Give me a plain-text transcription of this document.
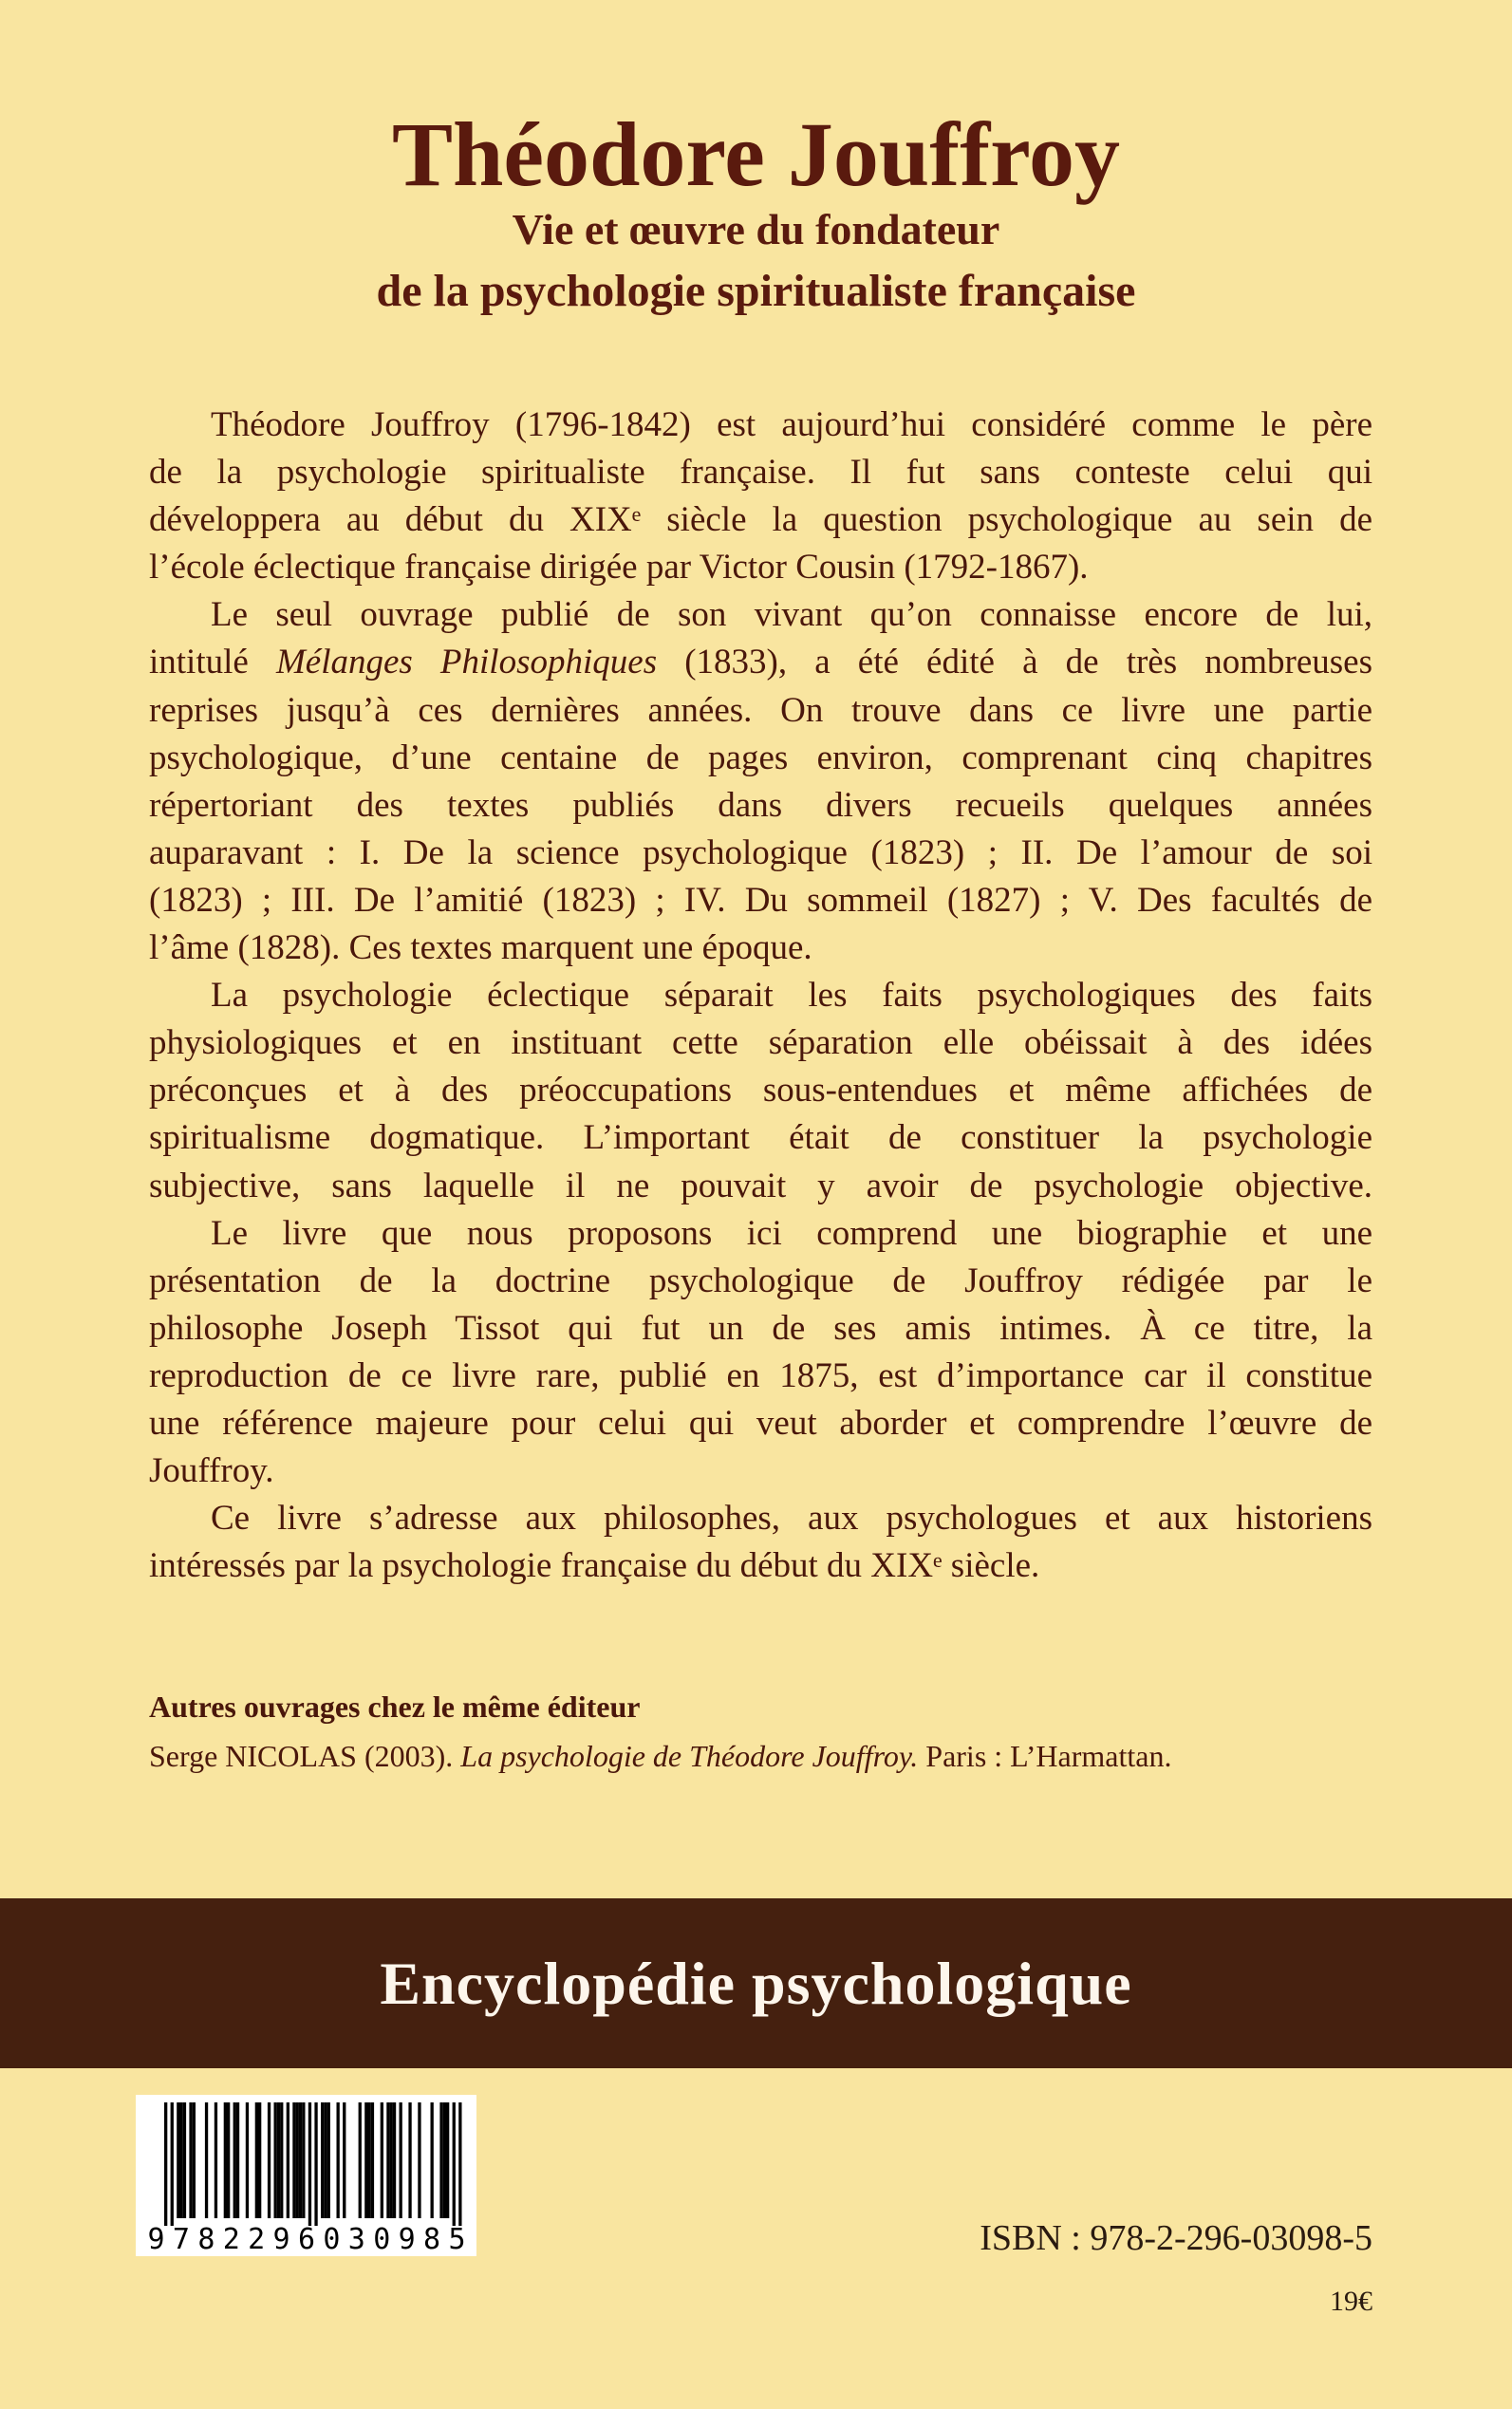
Théodore Jouffroy
Vie et œuvre du fondateur
de la psychologie spiritualiste française
Théodore Jouffroy (1796-1842) est aujourd’hui considéré comme le père
de la psychologie spiritualiste française. Il fut sans conteste celui qui
développera au début du XIXᵉ siècle la question psychologique au sein de
l’école éclectique française dirigée par Victor Cousin (1792-1867).
Le seul ouvrage publié de son vivant qu’on connaisse encore de lui,
intitulé Mélanges Philosophiques (1833), a été édité à de très nombreuses
reprises jusqu’à ces dernières années. On trouve dans ce livre une partie
psychologique, d’une centaine de pages environ, comprenant cinq chapitres
répertoriant des textes publiés dans divers recueils quelques années
auparavant : I. De la science psychologique (1823) ; II. De l’amour de soi
(1823) ; III. De l’amitié (1823) ; IV. Du sommeil (1827) ; V. Des facultés de
l’âme (1828). Ces textes marquent une époque.
La psychologie éclectique séparait les faits psychologiques des faits
physiologiques et en instituant cette séparation elle obéissait à des idées
préconçues et à des préoccupations sous-entendues et même affichées de
spiritualisme dogmatique. L’important était de constituer la psychologie
subjective, sans laquelle il ne pouvait y avoir de psychologie objective.
Le livre que nous proposons ici comprend une biographie et une
présentation de la doctrine psychologique de Jouffroy rédigée par le
philosophe Joseph Tissot qui fut un de ses amis intimes. À ce titre, la
reproduction de ce livre rare, publié en 1875, est d’importance car il constitue
une référence majeure pour celui qui veut aborder et comprendre l’œuvre de
Jouffroy.
Ce livre s’adresse aux philosophes, aux psychologues et aux historiens
intéressés par la psychologie française du début du XIXᵉ siècle.
Autres ouvrages chez le même éditeur
Serge NICOLAS (2003). La psychologie de Théodore Jouffroy. Paris : L’Harmattan.
Encyclopédie psychologique
9782296030985	ISBN : 978-2-296-03098-5
19€
